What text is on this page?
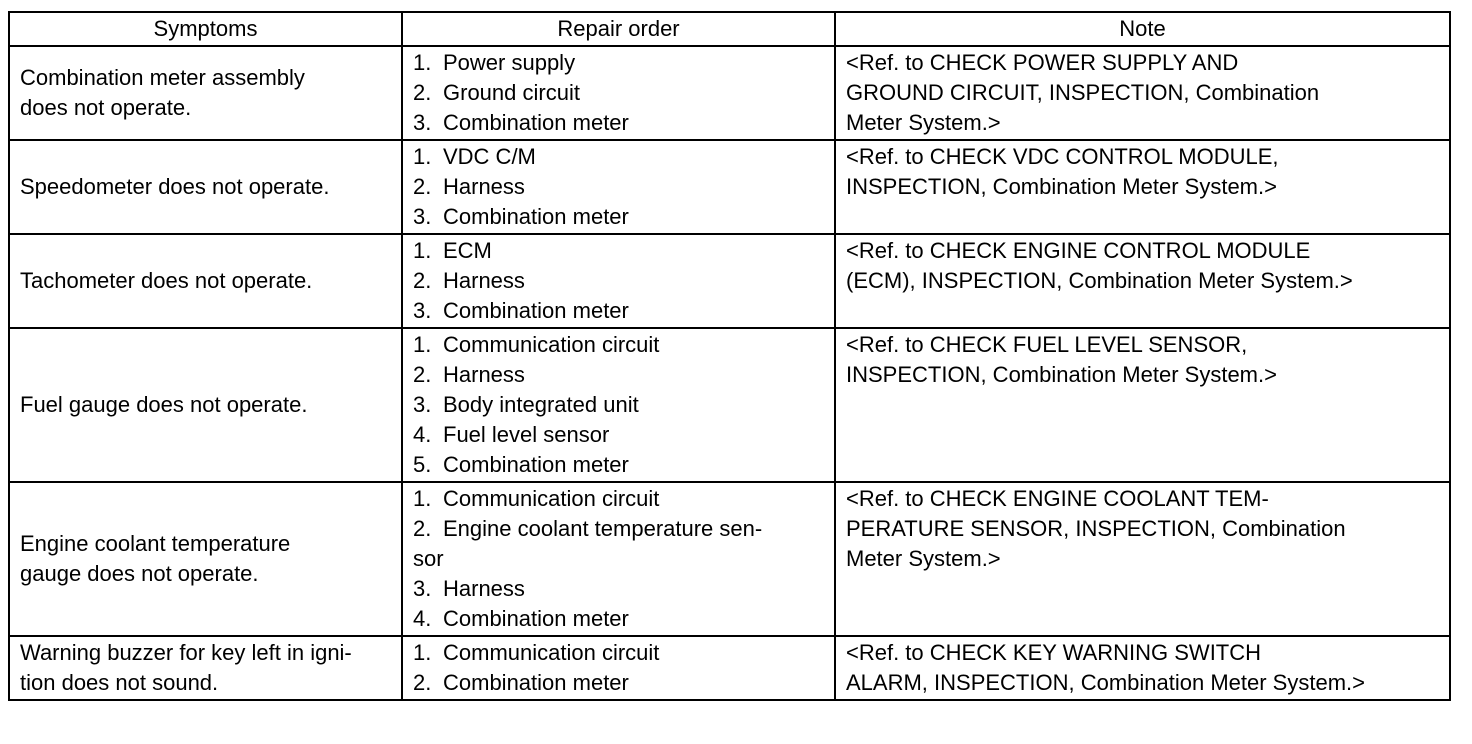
Symptoms	Repair order	Note

Combination meter assembly
does not operate.	1. Power supply
2. Ground circuit
3. Combination meter	<Ref. to CHECK POWER SUPPLY AND
GROUND CIRCUIT, INSPECTION, Combination
Meter System.>

Speedometer does not operate.	1. VDC C/M
2. Harness
3. Combination meter	<Ref. to CHECK VDC CONTROL MODULE,
INSPECTION, Combination Meter System.>

Tachometer does not operate.	1. ECM
2. Harness
3. Combination meter	<Ref. to CHECK ENGINE CONTROL MODULE
(ECM), INSPECTION, Combination Meter System.>

Fuel gauge does not operate.	1. Communication circuit
2. Harness
3. Body integrated unit
4. Fuel level sensor
5. Combination meter	<Ref. to CHECK FUEL LEVEL SENSOR,
INSPECTION, Combination Meter System.>

Engine coolant temperature
gauge does not operate.	1. Communication circuit
2. Engine coolant temperature sen-
sor
3. Harness
4. Combination meter	<Ref. to CHECK ENGINE COOLANT TEM-
PERATURE SENSOR, INSPECTION, Combination
Meter System.>

Warning buzzer for key left in igni-
tion does not sound.	1. Communication circuit
2. Combination meter	<Ref. to CHECK KEY WARNING SWITCH
ALARM, INSPECTION, Combination Meter System.>
